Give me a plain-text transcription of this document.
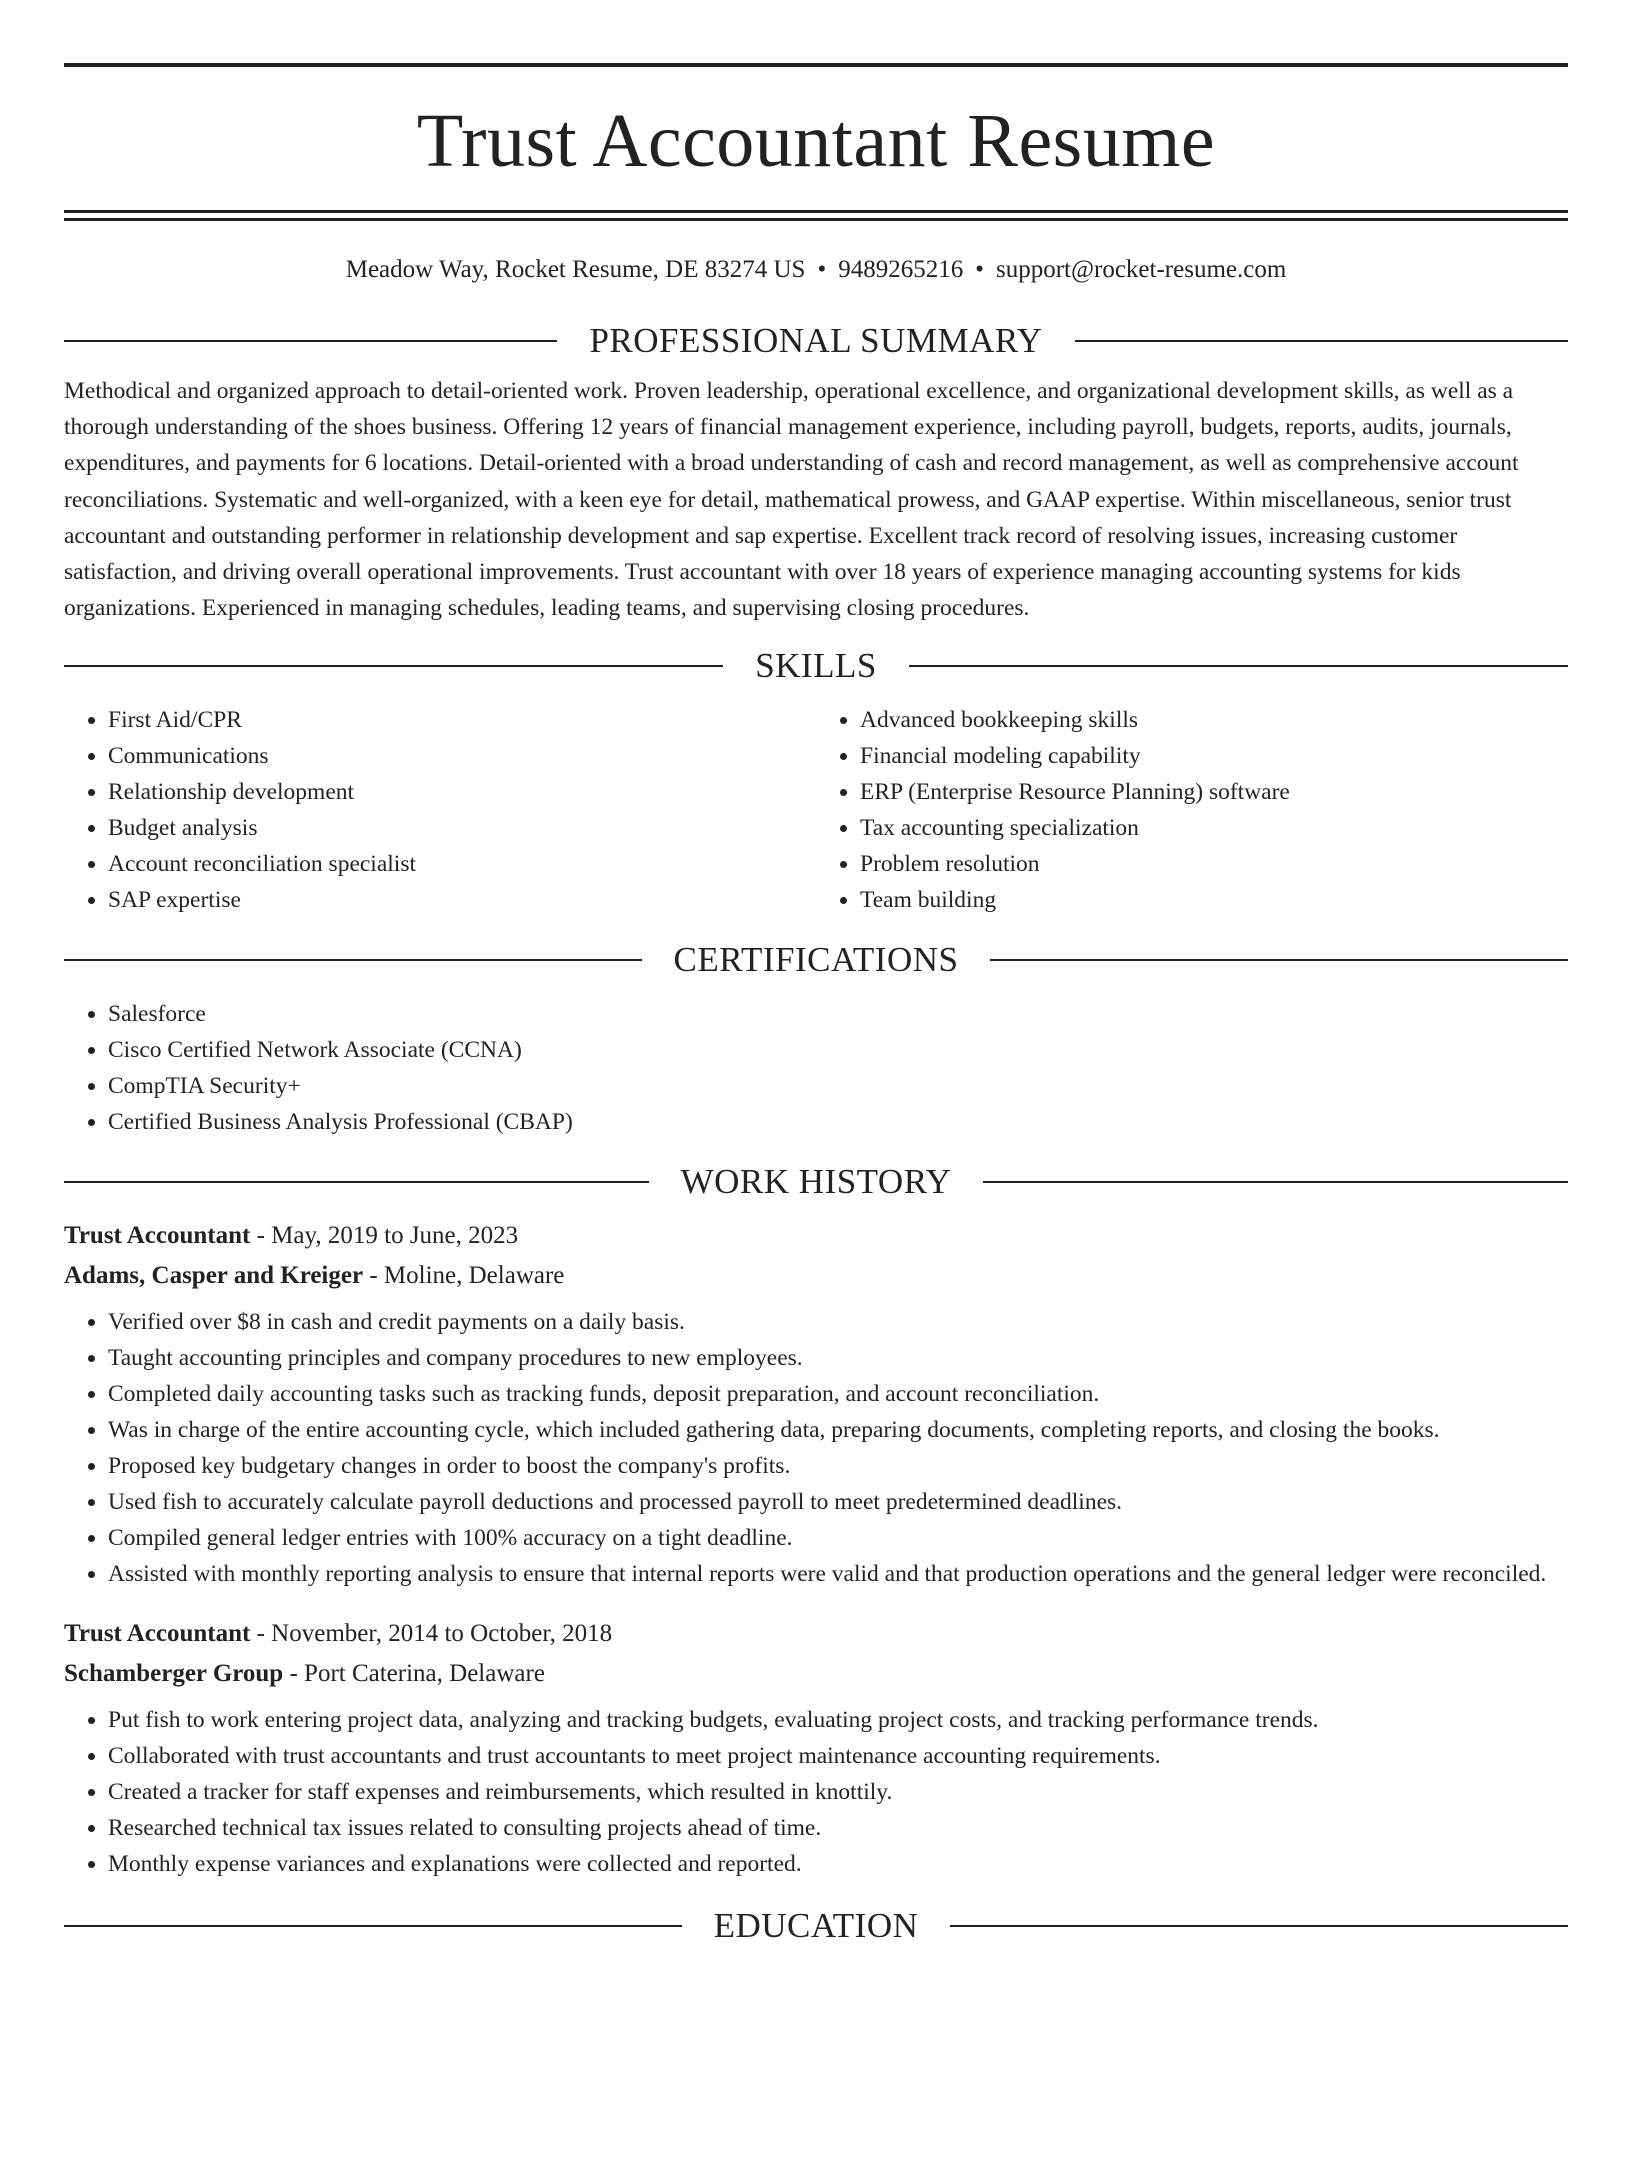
Trust Accountant Resume
Meadow Way, Rocket Resume, DE 83274 US • 9489265216 • support@rocket-resume.com
PROFESSIONAL SUMMARY

Methodical and organized approach to detail-oriented work. Proven leadership, operational excellence, and organizational development skills, as well as a thorough understanding of the shoes business. Offering 12 years of financial management experience, including payroll, budgets, reports, audits, journals, expenditures, and payments for 6 locations. Detail-oriented with a broad understanding of cash and record management, as well as comprehensive account reconciliations. Systematic and well-organized, with a keen eye for detail, mathematical prowess, and GAAP expertise. Within miscellaneous, senior trust accountant and outstanding performer in relationship development and sap expertise. Excellent track record of resolving issues, increasing customer satisfaction, and driving overall operational improvements. Trust accountant with over 18 years of experience managing accounting systems for kids organizations. Experienced in managing schedules, leading teams, and supervising closing procedures.

SKILLS
• First Aid/CPR
• Communications
• Relationship development
• Budget analysis
• Account reconciliation specialist
• SAP expertise
• Advanced bookkeeping skills
• Financial modeling capability
• ERP (Enterprise Resource Planning) software
• Tax accounting specialization
• Problem resolution
• Team building
CERTIFICATIONS
• Salesforce
• Cisco Certified Network Associate (CCNA)
• CompTIA Security+
• Certified Business Analysis Professional (CBAP)
WORK HISTORY
Trust Accountant - May, 2019 to June, 2023
Adams, Casper and Kreiger - Moline, Delaware
• Verified over $8 in cash and credit payments on a daily basis.
• Taught accounting principles and company procedures to new employees.
• Completed daily accounting tasks such as tracking funds, deposit preparation, and account reconciliation.
• Was in charge of the entire accounting cycle, which included gathering data, preparing documents, completing reports, and closing the books.
• Proposed key budgetary changes in order to boost the company's profits.
• Used fish to accurately calculate payroll deductions and processed payroll to meet predetermined deadlines.
• Compiled general ledger entries with 100% accuracy on a tight deadline.
• Assisted with monthly reporting analysis to ensure that internal reports were valid and that production operations and the general ledger were reconciled.
Trust Accountant - November, 2014 to October, 2018
Schamberger Group - Port Caterina, Delaware
• Put fish to work entering project data, analyzing and tracking budgets, evaluating project costs, and tracking performance trends.
• Collaborated with trust accountants and trust accountants to meet project maintenance accounting requirements.
• Created a tracker for staff expenses and reimbursements, which resulted in knottily.
• Researched technical tax issues related to consulting projects ahead of time.
• Monthly expense variances and explanations were collected and reported.
EDUCATION
